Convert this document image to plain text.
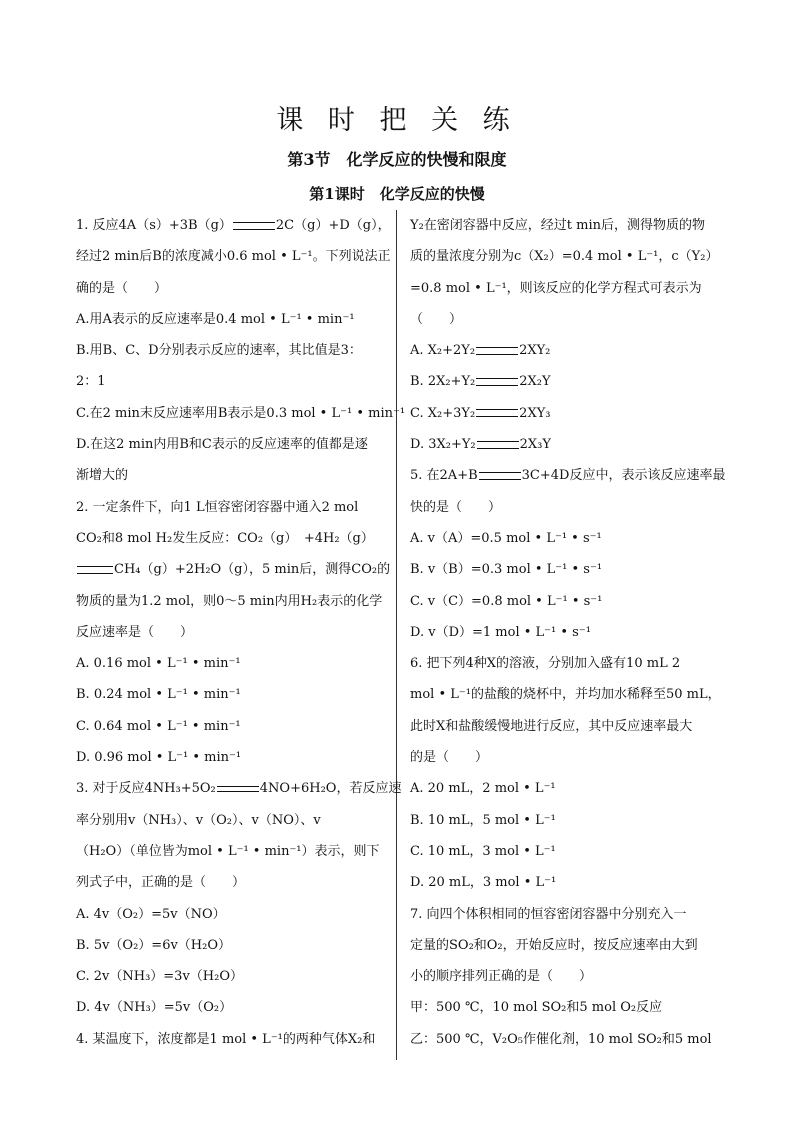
课 时 把 关 练
第3节　化学反应的快慢和限度
第1课时　化学反应的快慢
1. 反应4A（s）+3B（g）	2C（g）+D（g），
经过2 min后B的浓度减小0.6 mol • L⁻¹。下列说法正
确的是（　　）
A.用A表示的反应速率是0.4 mol • L⁻¹ • min⁻¹
B.用B、C、D分别表示反应的速率，其比值是3：
2：1
C.在2 min末反应速率用B表示是0.3 mol • L⁻¹ • min⁻¹
D.在这2 min内用B和C表示的反应速率的值都是逐
渐增大的
2. 一定条件下，向1 L恒容密闭容器中通入2 mol
CO₂和8 mol H₂发生反应：CO₂（g）　+4H₂（g）
CH₄（g）+2H₂O（g），5 min后，测得CO₂的
物质的量为1.2 mol，则0～5 min内用H₂表示的化学
反应速率是（　　）
A. 0.16 mol • L⁻¹ • min⁻¹
B. 0.24 mol • L⁻¹ • min⁻¹
C. 0.64 mol • L⁻¹ • min⁻¹
D. 0.96 mol • L⁻¹ • min⁻¹
3. 对于反应4NH₃+5O₂	4NO+6H₂O，若反应速
率分别用v（NH₃）、v（O₂）、v（NO）、v
（H₂O）（单位皆为mol • L⁻¹ • min⁻¹）表示，则下
列式子中，正确的是（　　）
A. 4v（O₂）=5v（NO）
B. 5v（O₂）=6v（H₂O）
C. 2v（NH₃）=3v（H₂O）
D. 4v（NH₃）=5v（O₂）
4. 某温度下，浓度都是1 mol • L⁻¹的两种气体X₂和
Y₂在密闭容器中反应，经过t min后，测得物质的物
质的量浓度分别为c（X₂）=0.4 mol • L⁻¹，c（Y₂）
=0.8 mol • L⁻¹，则该反应的化学方程式可表示为
（　　）
A. X₂+2Y₂	2XY₂
B. 2X₂+Y₂	2X₂Y
C. X₂+3Y₂	2XY₃
D. 3X₂+Y₂	2X₃Y
5. 在2A+B	3C+4D反应中，表示该反应速率最
快的是（　　）
A. v（A）=0.5 mol • L⁻¹ • s⁻¹
B. v（B）=0.3 mol • L⁻¹ • s⁻¹
C. v（C）=0.8 mol • L⁻¹ • s⁻¹
D. v（D）=1 mol • L⁻¹ • s⁻¹
6. 把下列4种X的溶液，分别加入盛有10 mL 2
mol • L⁻¹的盐酸的烧杯中，并均加水稀释至50 mL，
此时X和盐酸缓慢地进行反应，其中反应速率最大
的是（　　）
A. 20 mL，2 mol • L⁻¹
B. 10 mL，5 mol • L⁻¹
C. 10 mL，3 mol • L⁻¹
D. 20 mL，3 mol • L⁻¹
7. 向四个体积相同的恒容密闭容器中分别充入一
定量的SO₂和O₂，开始反应时，按反应速率由大到
小的顺序排列正确的是（　　）
甲：500 ℃，10 mol SO₂和5 mol O₂反应
乙：500 ℃，V₂O₅作催化剂，10 mol SO₂和5 mol
